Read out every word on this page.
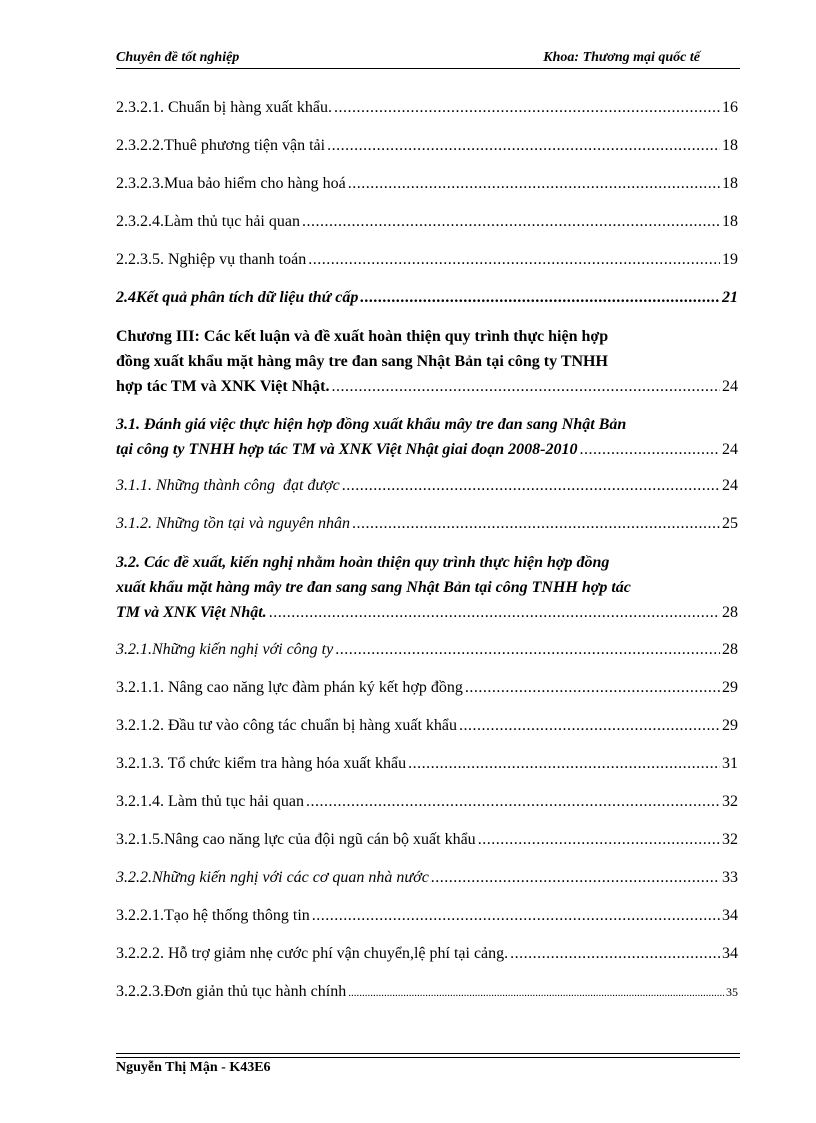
Chuyên đề tốt nghiệp	Khoa: Thương mại quốc tế
2.3.2.1. Chuẩn bị hàng xuất khẩu. .....	16
2.3.2.2.Thuê phương tiện vận tải .....	18
2.3.2.3.Mua bảo hiểm cho hàng hoá .....	18
2.3.2.4.Làm thủ tục hải quan .....	18
2.2.3.5. Nghiệp vụ thanh toán .....	19
2.4 Kết quả phân tích dữ liệu thứ cấp .....	21
Chương III: Các kết luận và đề xuất hoàn thiện quy trình thực hiện hợp
đồng xuất khẩu mặt hàng mây tre đan sang Nhật Bản tại công ty TNHH
hợp tác TM và XNK Việt Nhật. .....	24
3.1. Đánh giá việc thực hiện hợp đồng xuất khẩu mây tre đan sang Nhật Bản
tại công ty TNHH hợp tác TM và XNK Việt Nhật giai đoạn 2008-2010 .....	24
3.1.1. Những thành công  đạt được .....	24
3.1.2. Những tồn tại và nguyên nhân .....	25
3.2. Các đề xuất, kiến nghị nhằm hoàn thiện quy trình thực hiện hợp đồng
xuất khẩu mặt hàng mây tre đan sang sang Nhật Bản tại công TNHH hợp tác
TM và XNK Việt Nhật. .....	28
3.2.1.Những kiến nghị với công ty .....	28
3.2.1.1. Nâng cao năng lực đàm phán ký kết hợp đồng .....	29
3.2.1.2. Đầu tư vào công tác chuẩn bị hàng xuất khẩu .....	29
3.2.1.3. Tổ chức kiểm tra hàng hóa xuất khẩu .....	31
3.2.1.4. Làm thủ tục hải quan .....	32
3.2.1.5.Nâng cao năng lực của đội ngũ cán bộ xuất khẩu .....	32
3.2.2.Những kiến nghị với các cơ quan nhà nước .....	33
3.2.2.1.Tạo hệ thống thông tin .....	34
3.2.2.2. Hỗ trợ giảm nhẹ cước phí vận chuyển,lệ phí tại cảng. .....	34
3.2.2.3.Đơn giản thủ tục hành chính .....	35
Nguyễn Thị Mận - K43E6
